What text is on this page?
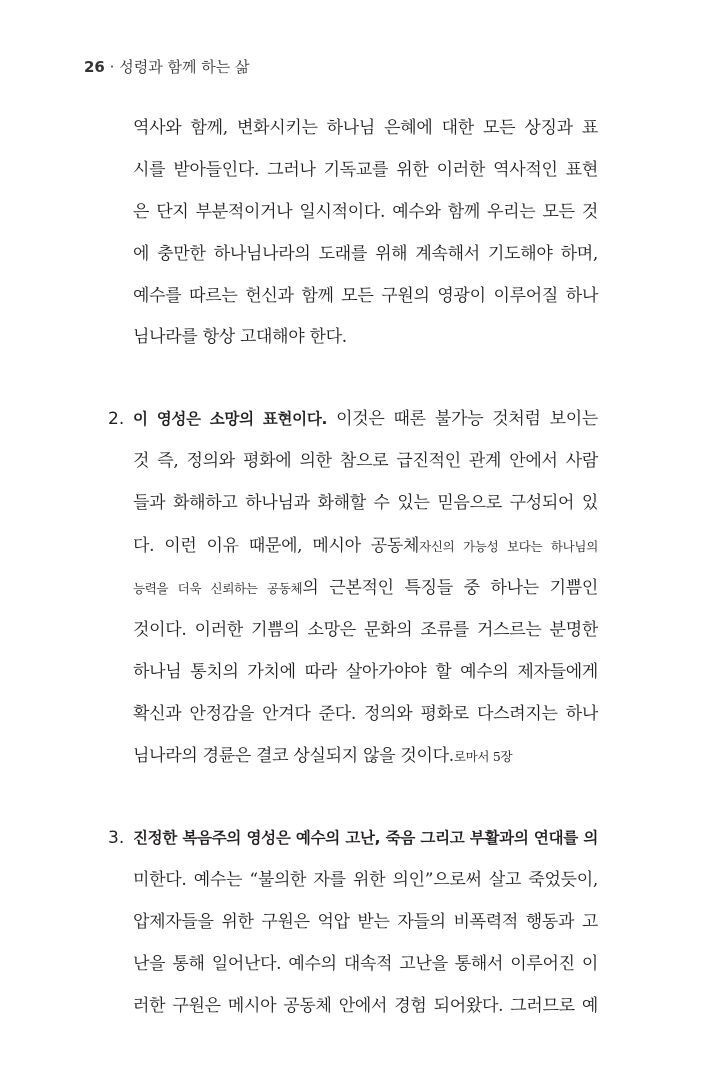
26 · 성령과 함께 하는 삶
역사와 함께, 변화시키는 하나님 은혜에 대한 모든 상징과 표
시를 받아들인다. 그러나 기독교를 위한 이러한 역사적인 표현
은 단지 부분적이거나 일시적이다. 예수와 함께 우리는 모든 것
에 충만한 하나님나라의 도래를 위해 계속해서 기도해야 하며,
예수를 따르는 헌신과 함께 모든 구원의 영광이 이루어질 하나
님나라를 항상 고대해야 한다.
2. 이 영성은 소망의 표현이다. 이것은 때론 불가능 것처럼 보이는
것 즉, 정의와 평화에 의한 참으로 급진적인 관계 안에서 사람
들과 화해하고 하나님과 화해할 수 있는 믿음으로 구성되어 있
다. 이런 이유 때문에, 메시아 공동체자신의 가능성 보다는 하나님의
능력을 더욱 신뢰하는 공동체의 근본적인 특징들 중 하나는 기쁨인
것이다. 이러한 기쁨의 소망은 문화의 조류를 거스르는 분명한
하나님 통치의 가치에 따라 살아가야야 할 예수의 제자들에게
확신과 안정감을 안겨다 준다. 정의와 평화로 다스려지는 하나
님나라의 경륜은 결코 상실되지 않을 것이다.로마서 5장
3. 진정한 복음주의 영성은 예수의 고난, 죽음 그리고 부활과의 연대를 의
미한다. 예수는 “불의한 자를 위한 의인”으로써 살고 죽었듯이,
압제자들을 위한 구원은 억압 받는 자들의 비폭력적 행동과 고
난을 통해 일어난다. 예수의 대속적 고난을 통해서 이루어진 이
러한 구원은 메시아 공동체 안에서 경험 되어왔다. 그러므로 예
